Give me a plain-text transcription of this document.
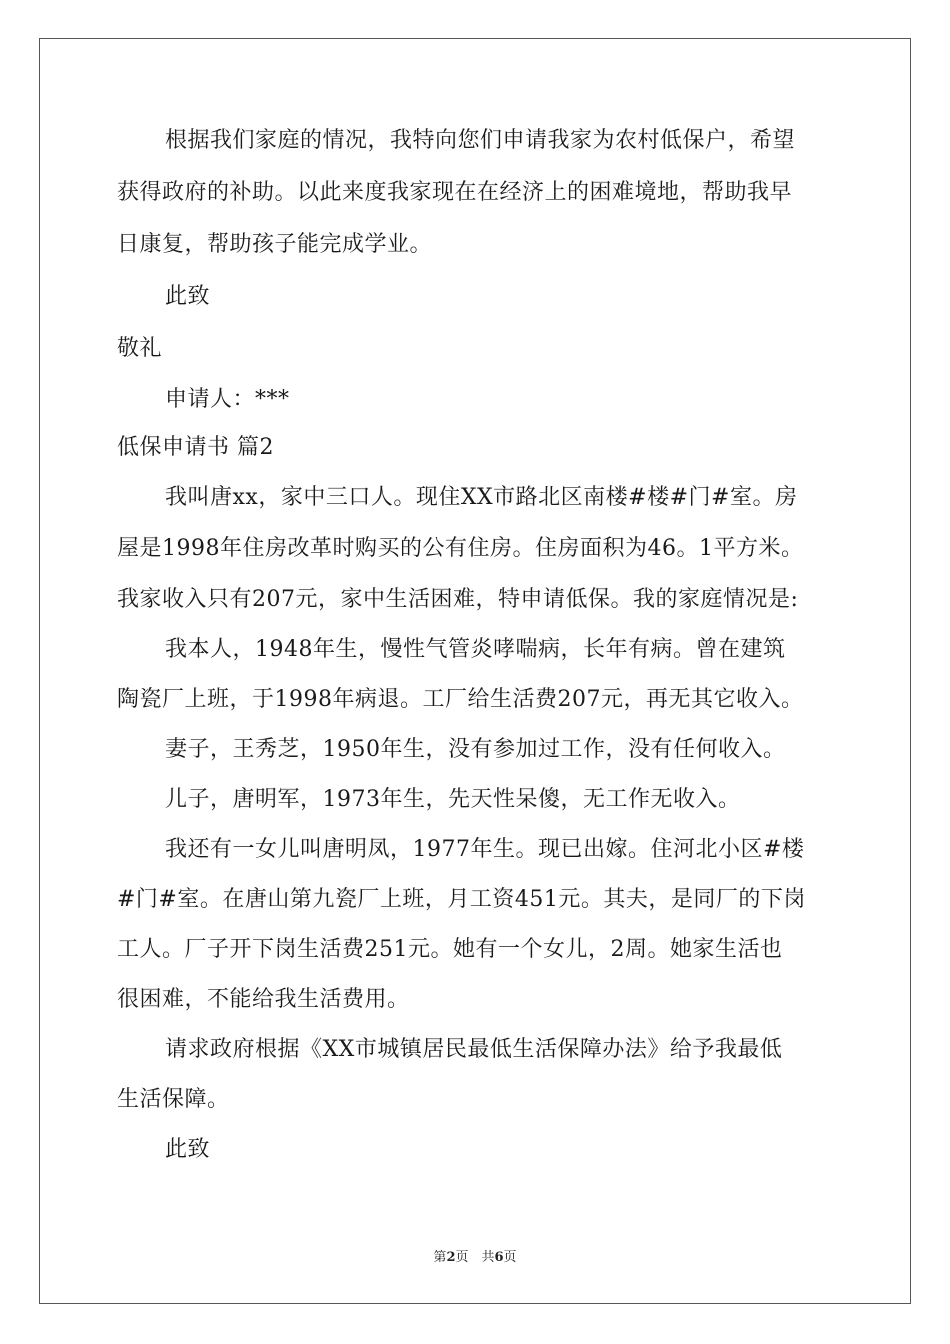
根据我们家庭的情况，我特向您们申请我家为农村低保户，希望
获得政府的补助。以此来度我家现在在经济上的困难境地，帮助我早
日康复，帮助孩子能完成学业。
此致
敬礼
申请人：***
低保申请书 篇2
我叫唐xx，家中三口人。现住XX市路北区南楼#楼#门#室。房
屋是1998年住房改革时购买的公有住房。住房面积为46。1平方米。
我家收入只有207元，家中生活困难，特申请低保。我的家庭情况是:
我本人，1948年生，慢性气管炎哮喘病，长年有病。曾在建筑
陶瓷厂上班，于1998年病退。工厂给生活费207元，再无其它收入。
妻子，王秀芝，1950年生，没有参加过工作，没有任何收入。
儿子，唐明军，1973年生，先天性呆傻，无工作无收入。
我还有一女儿叫唐明凤，1977年生。现已出嫁。住河北小区#楼
#门#室。在唐山第九瓷厂上班，月工资451元。其夫，是同厂的下岗
工人。厂子开下岗生活费251元。她有一个女儿，2周。她家生活也
很困难，不能给我生活费用。
请求政府根据《XX市城镇居民最低生活保障办法》给予我最低
生活保障。
此致
第2页　共6页
